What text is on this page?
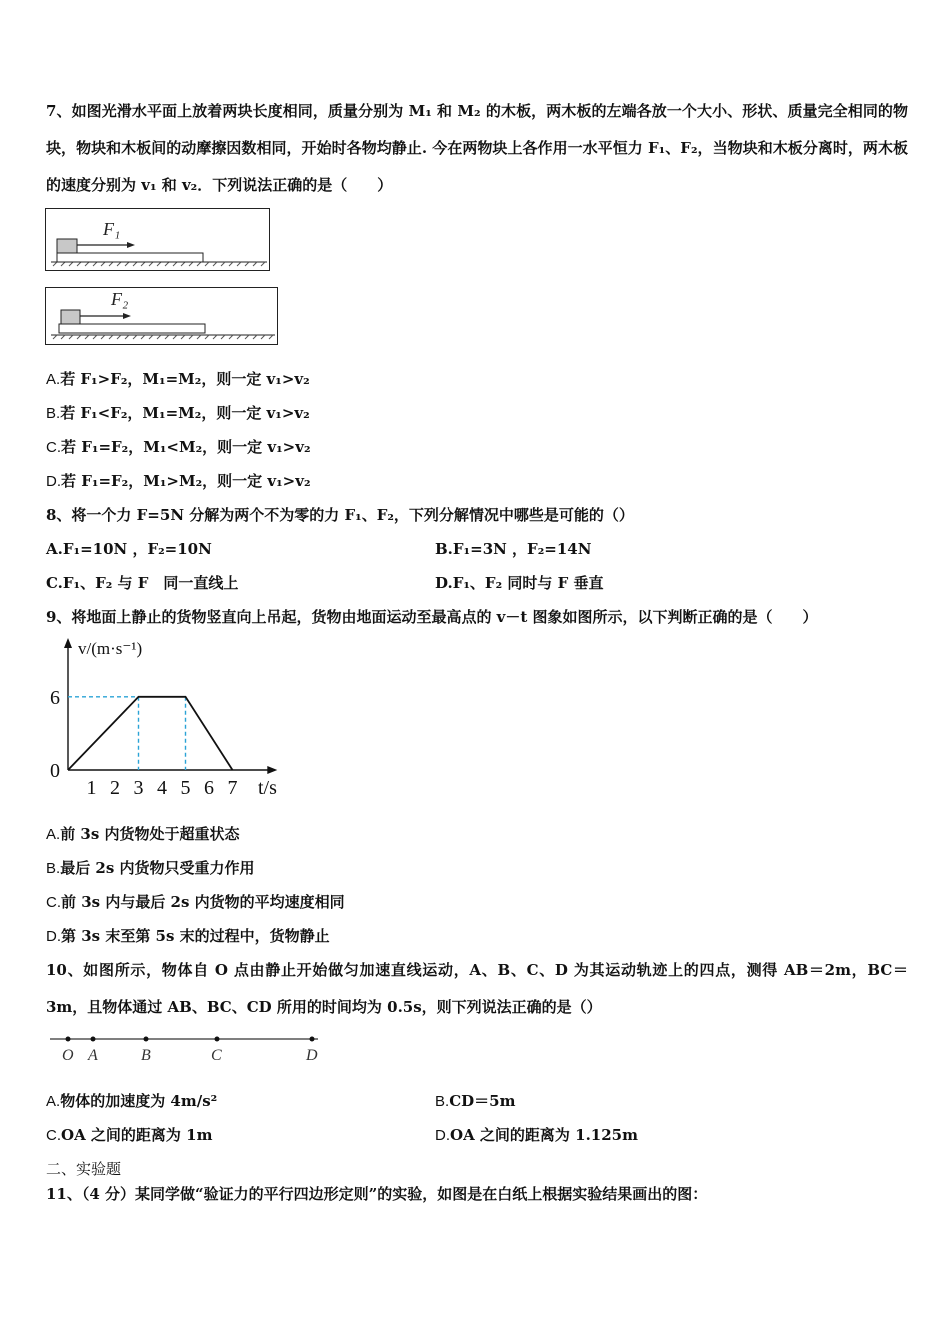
7、如图光滑水平面上放着两块长度相同，质量分别为 M₁ 和 M₂ 的木板，两木板的左端各放一个大小、形状、质量完全相同的物块，物块和木板间的动摩擦因数相同，开始时各物均静止. 今在两物块上各作用一水平恒力 F₁、F₂，当物块和木板分离时，两木板的速度分别为 v₁ 和 v₂．下列说法正确的是（　　）
F₁
F₂
A.若 F₁>F₂，M₁=M₂，则一定 v₁>v₂
B.若 F₁<F₂，M₁=M₂，则一定 v₁>v₂
C.若 F₁=F₂，M₁<M₂，则一定 v₁>v₂
D.若 F₁=F₂，M₁>M₂，则一定 v₁>v₂
8、将一个力 F=5N 分解为两个不为零的力 F₁、F₂，下列分解情况中哪些是可能的（）
A.F₁=10N ，F₂=10N	B.F₁=3N ，F₂=14N
C.F₁、F₂ 与 F　同一直线上	D.F₁、F₂ 同时与 F 垂直
9、将地面上静止的货物竖直向上吊起，货物由地面运动至最高点的 v－t 图象如图所示，以下判断正确的是（　　）
1 2 3 4 5 6 7
0
6
v/(m·s⁻¹)
t/s
A.前 3s 内货物处于超重状态
B.最后 2s 内货物只受重力作用
C.前 3s 内与最后 2s 内货物的平均速度相同
D.第 3s 末至第 5s 末的过程中，货物静止
10、如图所示，物体自 O 点由静止开始做匀加速直线运动，A、B、C、D 为其运动轨迹上的四点，测得 AB＝2m，BC＝3m，且物体通过 AB、BC、CD 所用的时间均为 0.5s，则下列说法正确的是（）
O A	B	C	D
A.物体的加速度为 4m/s²	B.CD＝5m
C.OA 之间的距离为 1m	D.OA 之间的距离为 1.125m
二、实验题
11、（4 分）某同学做“验证力的平行四边形定则”的实验，如图是在白纸上根据实验结果画出的图：
